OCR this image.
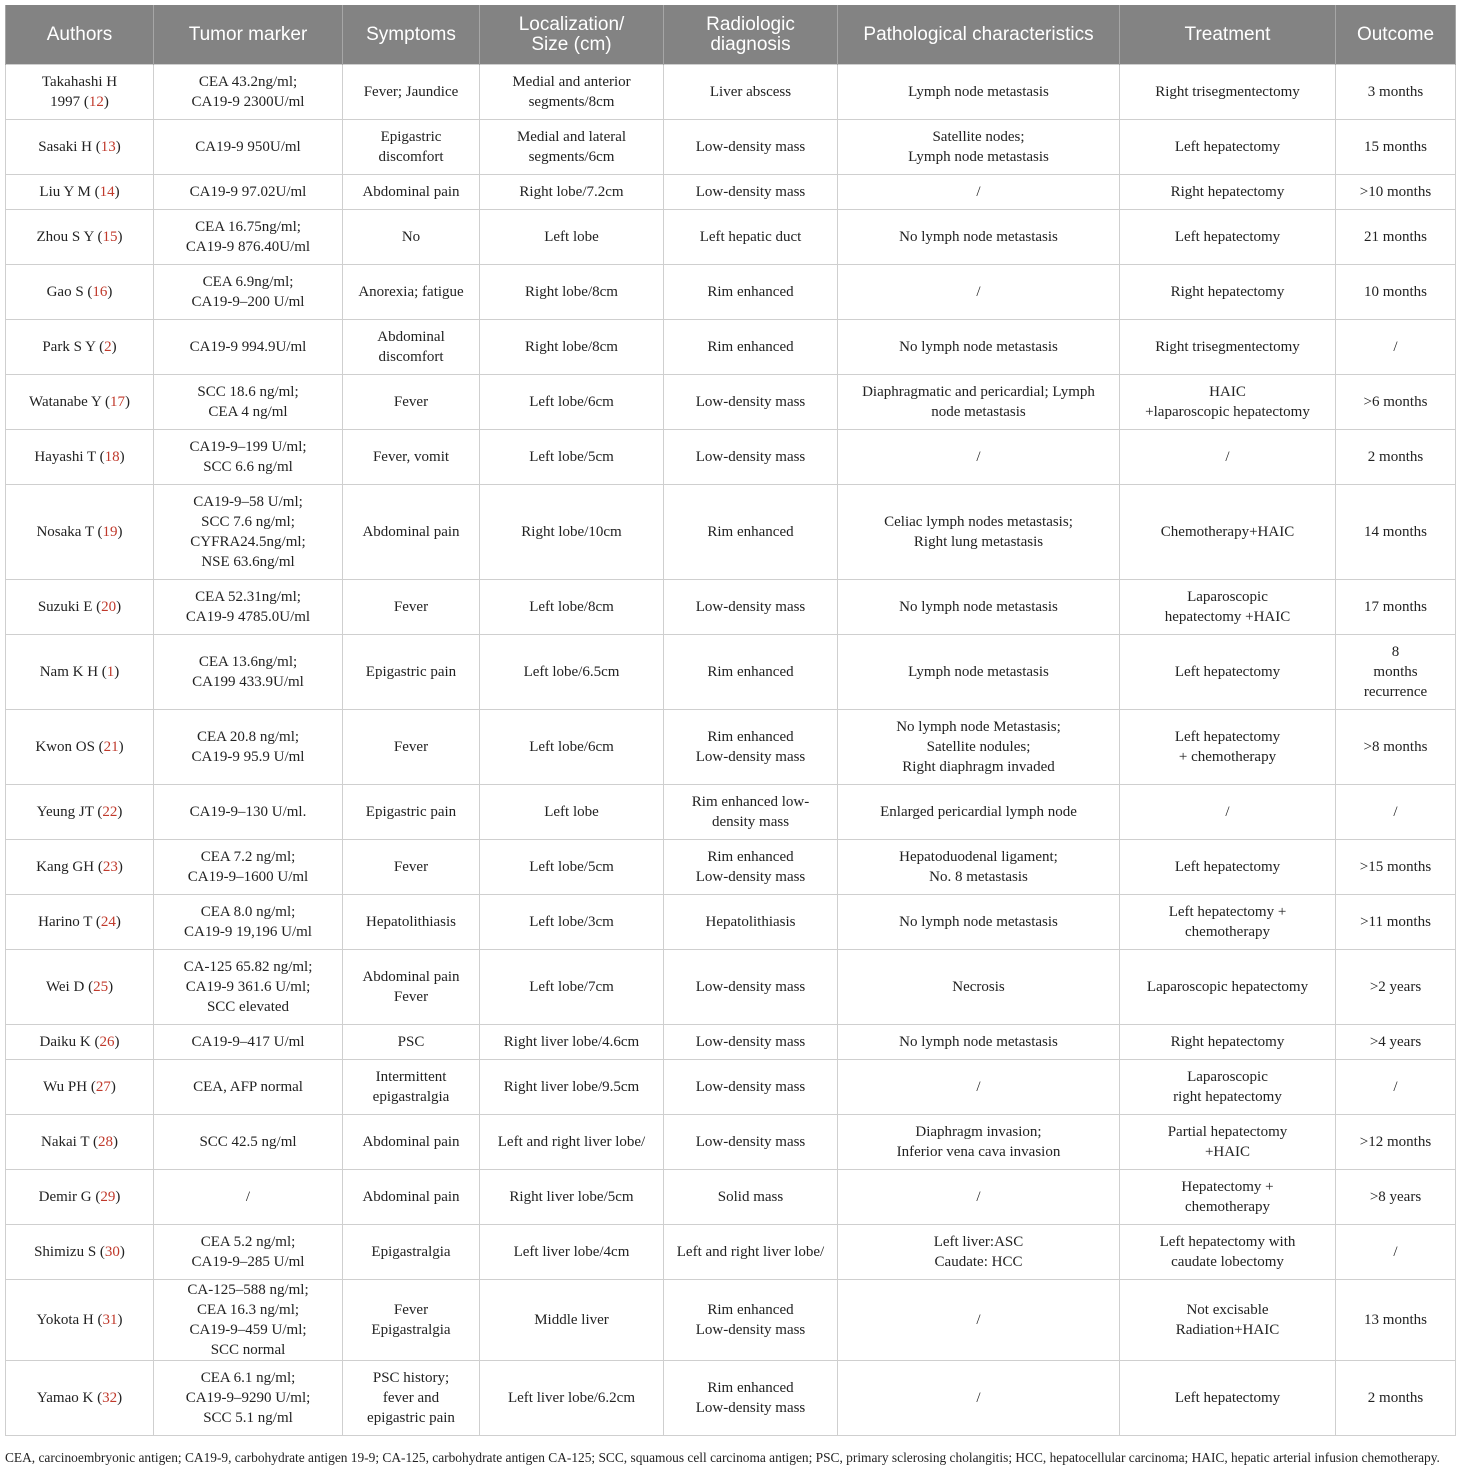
Authors	Tumor marker	Symptoms	Localization/
Size (cm)	Radiologic
diagnosis	Pathological characteristics	Treatment	Outcome

Takahashi H
1997 (12)	CEA 43.2ng/ml;
CA19-9 2300U/ml	Fever; Jaundice	Medial and anterior
segments/8cm	Liver abscess	Lymph node metastasis	Right trisegmentectomy	3 months

Sasaki H (13)	CA19-9 950U/ml	Epigastric
discomfort	Medial and lateral
segments/6cm	Low-density mass	Satellite nodes;
Lymph node metastasis	Left hepatectomy	15 months

Liu Y M (14)	CA19-9 97.02U/ml	Abdominal pain	Right lobe/7.2cm	Low-density mass	/	Right hepatectomy	>10 months

Zhou S Y (15)	CEA 16.75ng/ml;
CA19-9 876.40U/ml	No	Left lobe	Left hepatic duct	No lymph node metastasis	Left hepatectomy	21 months

Gao S (16)	CEA 6.9ng/ml;
CA19-9–200 U/ml	Anorexia; fatigue	Right lobe/8cm	Rim enhanced	/	Right hepatectomy	10 months

Park S Y (2)	CA19-9 994.9U/ml	Abdominal
discomfort	Right lobe/8cm	Rim enhanced	No lymph node metastasis	Right trisegmentectomy	/

Watanabe Y (17)	SCC 18.6 ng/ml;
CEA 4 ng/ml	Fever	Left lobe/6cm	Low-density mass	Diaphragmatic and pericardial; Lymph
node metastasis	HAIC
+laparoscopic hepatectomy	>6 months

Hayashi T (18)	CA19-9–199 U/ml;
SCC 6.6 ng/ml	Fever, vomit	Left lobe/5cm	Low-density mass	/	/	2 months

Nosaka T (19)	CA19-9–58 U/ml;
SCC 7.6 ng/ml;
CYFRA24.5ng/ml;
NSE 63.6ng/ml	Abdominal pain	Right lobe/10cm	Rim enhanced	Celiac lymph nodes metastasis;
Right lung metastasis	Chemotherapy+HAIC	14 months

Suzuki E (20)	CEA 52.31ng/ml;
CA19-9 4785.0U/ml	Fever	Left lobe/8cm	Low-density mass	No lymph node metastasis	Laparoscopic
hepatectomy +HAIC	17 months

Nam K H (1)	CEA 13.6ng/ml;
CA199 433.9U/ml	Epigastric pain	Left lobe/6.5cm	Rim enhanced	Lymph node metastasis	Left hepatectomy	8
months
recurrence

Kwon OS (21)	CEA 20.8 ng/ml;
CA19-9 95.9 U/ml	Fever	Left lobe/6cm	Rim enhanced
Low-density mass	No lymph node Metastasis;
Satellite nodules;
Right diaphragm invaded	Left hepatectomy
+ chemotherapy	>8 months

Yeung JT (22)	CA19-9–130 U/ml.	Epigastric pain	Left lobe	Rim enhanced low-
density mass	Enlarged pericardial lymph node	/	/

Kang GH (23)	CEA 7.2 ng/ml;
CA19-9–1600 U/ml	Fever	Left lobe/5cm	Rim enhanced
Low-density mass	Hepatoduodenal ligament;
No. 8 metastasis	Left hepatectomy	>15 months

Harino T (24)	CEA 8.0 ng/ml;
CA19-9 19,196 U/ml	Hepatolithiasis	Left lobe/3cm	Hepatolithiasis	No lymph node metastasis	Left hepatectomy +
chemotherapy	>11 months

Wei D (25)	CA-125 65.82 ng/ml;
CA19-9 361.6 U/ml;
SCC elevated	Abdominal pain
Fever	Left lobe/7cm	Low-density mass	Necrosis	Laparoscopic hepatectomy	>2 years

Daiku K (26)	CA19-9–417 U/ml	PSC	Right liver lobe/4.6cm	Low-density mass	No lymph node metastasis	Right hepatectomy	>4 years

Wu PH (27)	CEA, AFP normal	Intermittent
epigastralgia	Right liver lobe/9.5cm	Low-density mass	/	Laparoscopic
right hepatectomy	/

Nakai T (28)	SCC 42.5 ng/ml	Abdominal pain	Left and right liver lobe/	Low-density mass	Diaphragm invasion;
Inferior vena cava invasion	Partial hepatectomy
+HAIC	>12 months

Demir G (29)	/	Abdominal pain	Right liver lobe/5cm	Solid mass	/	Hepatectomy +
chemotherapy	>8 years

Shimizu S (30)	CEA 5.2 ng/ml;
CA19-9–285 U/ml	Epigastralgia	Left liver lobe/4cm	Left and right liver lobe/	Left liver:ASC
Caudate: HCC	Left hepatectomy with
caudate lobectomy	/

Yokota H (31)	CA-125–588 ng/ml;
CEA 16.3 ng/ml;
CA19-9–459 U/ml;
SCC normal	Fever
Epigastralgia	Middle liver	Rim enhanced
Low-density mass	/	Not excisable
Radiation+HAIC	13 months

Yamao K (32)	CEA 6.1 ng/ml;
CA19-9–9290 U/ml;
SCC 5.1 ng/ml	PSC history;
fever and
epigastric pain	Left liver lobe/6.2cm	Rim enhanced
Low-density mass	/	Left hepatectomy	2 months
CEA, carcinoembryonic antigen; CA19-9, carbohydrate antigen 19-9; CA-125, carbohydrate antigen CA-125; SCC, squamous cell carcinoma antigen; PSC, primary sclerosing cholangitis; HCC, hepatocellular carcinoma; HAIC, hepatic arterial infusion chemotherapy.
